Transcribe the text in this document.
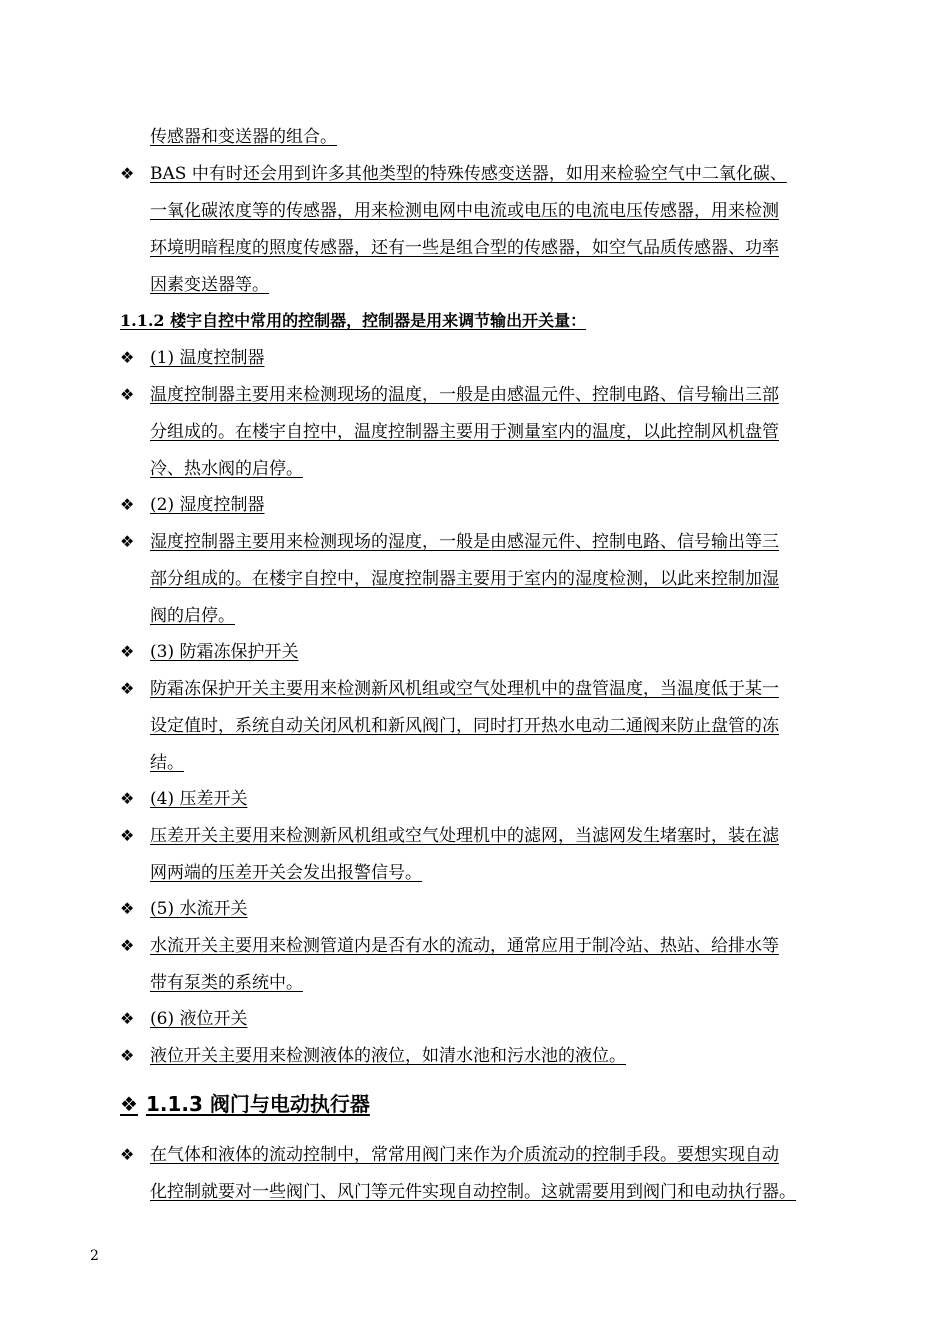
传感器和变送器的组合。
❖ BAS 中有时还会用到许多其他类型的特殊传感变送器，如用来检验空气中二氧化碳、
一氧化碳浓度等的传感器，用来检测电网中电流或电压的电流电压传感器，用来检测
环境明暗程度的照度传感器，还有一些是组合型的传感器，如空气品质传感器、功率
因素变送器等。
1.1.2 楼宇自控中常用的控制器，控制器是用来调节输出开关量：
❖ (1) 温度控制器
❖ 温度控制器主要用来检测现场的温度，一般是由感温元件、控制电路、信号输出三部
分组成的。在楼宇自控中，温度控制器主要用于测量室内的温度，以此控制风机盘管
冷、热水阀的启停。
❖ (2) 湿度控制器
❖ 湿度控制器主要用来检测现场的湿度，一般是由感湿元件、控制电路、信号输出等三
部分组成的。在楼宇自控中，湿度控制器主要用于室内的湿度检测，以此来控制加湿
阀的启停。
❖ (3) 防霜冻保护开关
❖ 防霜冻保护开关主要用来检测新风机组或空气处理机中的盘管温度，当温度低于某一
设定值时，系统自动关闭风机和新风阀门，同时打开热水电动二通阀来防止盘管的冻
结。
❖ (4) 压差开关
❖ 压差开关主要用来检测新风机组或空气处理机中的滤网，当滤网发生堵塞时，装在滤
网两端的压差开关会发出报警信号。
❖ (5) 水流开关
❖ 水流开关主要用来检测管道内是否有水的流动，通常应用于制冷站、热站、给排水等
带有泵类的系统中。
❖ (6) 液位开关
❖ 液位开关主要用来检测液体的液位，如清水池和污水池的液位。
❖ 1.1.3 阀门与电动执行器
❖ 在气体和液体的流动控制中，常常用阀门来作为介质流动的控制手段。要想实现自动
化控制就要对一些阀门、风门等元件实现自动控制。这就需要用到阀门和电动执行器。
2
